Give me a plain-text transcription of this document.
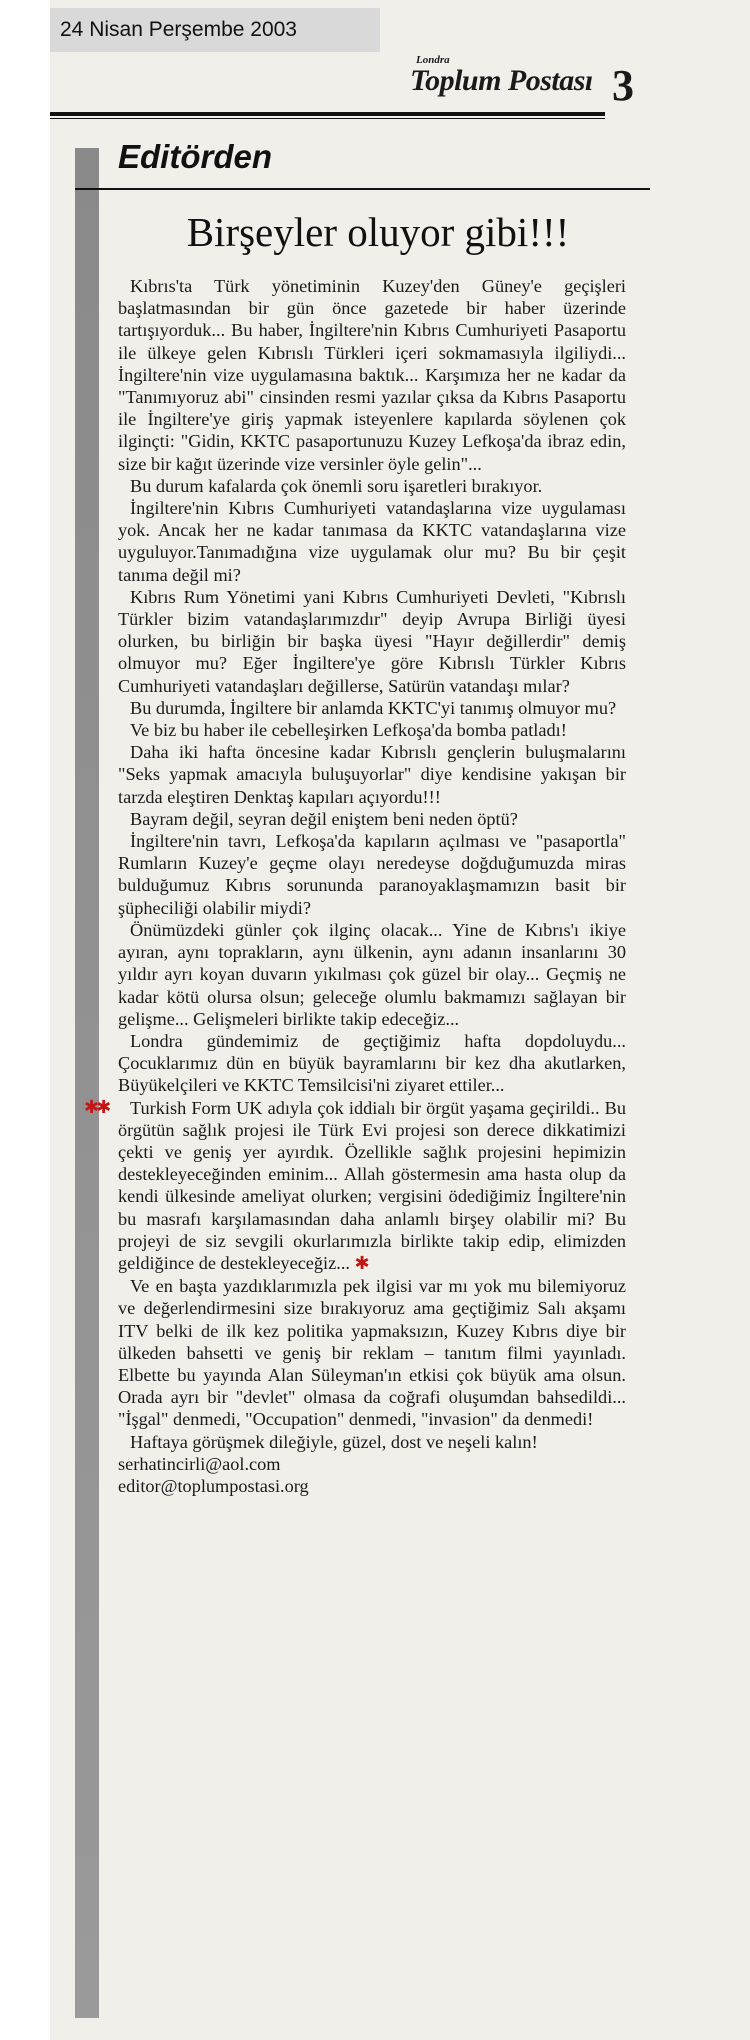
24 Nisan Perşembe 2003
Londra
Toplum Postası 3
Editörden
Birşeyler oluyor gibi!!!

Kıbrıs'ta Türk yönetiminin Kuzey'den Güney'e geçişleri başlatmasından bir gün önce gazetede bir haber üzerinde tartışıyorduk... Bu haber, İngiltere'nin Kıbrıs Cumhuriyeti Pasaportu ile ülkeye gelen Kıbrıslı Türkleri içeri sokmamasıyla ilgiliydi... İngiltere'nin vize uygulamasına baktık... Karşımıza her ne kadar da "Tanımıyoruz abi" cinsinden resmi yazılar çıksa da Kıbrıs Pasaportu ile İngiltere'ye giriş yapmak isteyenlere kapılarda söylenen çok ilginçti: "Gidin, KKTC pasaportunuzu Kuzey Lefkoşa'da ibraz edin, size bir kağıt üzerinde vize versinler öyle gelin"...

Bu durum kafalarda çok önemli soru işaretleri bırakıyor.

İngiltere'nin Kıbrıs Cumhuriyeti vatandaşlarına vize uygulaması yok. Ancak her ne kadar tanımasa da KKTC vatandaşlarına vize uyguluyor.Tanımadığına vize uygulamak olur mu? Bu bir çeşit tanıma değil mi?

Kıbrıs Rum Yönetimi yani Kıbrıs Cumhuriyeti Devleti, "Kıbrıslı Türkler bizim vatandaşlarımızdır" deyip Avrupa Birliği üyesi olurken, bu birliğin bir başka üyesi "Hayır değillerdir" demiş olmuyor mu? Eğer İngiltere'ye göre Kıbrıslı Türkler Kıbrıs Cumhuriyeti vatandaşları değillerse, Satürün vatandaşı mılar?

Bu durumda, İngiltere bir anlamda KKTC'yi tanımış olmuyor mu?

Ve biz bu haber ile cebelleşirken Lefkoşa'da bomba patladı!

Daha iki hafta öncesine kadar Kıbrıslı gençlerin buluşmalarını "Seks yapmak amacıyla buluşuyorlar" diye kendisine yakışan bir tarzda eleştiren Denktaş kapıları açıyordu!!!

Bayram değil, seyran değil eniştem beni neden öptü?

İngiltere'nin tavrı, Lefkoşa'da kapıların açılması ve "pasaportla" Rumların Kuzey'e geçme olayı neredeyse doğduğumuzda miras bulduğumuz Kıbrıs sorununda paranoyaklaşmamızın basit bir şüpheciliği olabilir miydi?

Önümüzdeki günler çok ilginç olacak... Yine de Kıbrıs'ı ikiye ayıran, aynı toprakların, aynı ülkenin, aynı adanın insanlarını 30 yıldır ayrı koyan duvarın yıkılması çok güzel bir olay... Geçmiş ne kadar kötü olursa olsun; geleceğe olumlu bakmamızı sağlayan bir gelişme... Gelişmeleri birlikte takip edeceğiz...

Londra gündemimiz de geçtiğimiz hafta dopdoluydu... Çocuklarımız dün en büyük bayramlarını bir kez dha akutlarken, Büyükelçileri ve KKTC Temsilcisi'ni ziyaret ettiler...

✱✱ Turkish Form UK adıyla çok iddialı bir örgüt yaşama geçirildi.. Bu örgütün sağlık projesi ile Türk Evi projesi son derece dikkatimizi çekti ve geniş yer ayırdık. Özellikle sağlık projesini hepimizin destekleyeceğinden eminim... Allah göstermesin ama hasta olup da kendi ülkesinde ameliyat olurken; vergisini ödediğimiz İngiltere'nin bu masrafı karşılamasından daha anlamlı birşey olabilir mi? Bu projeyi de siz sevgili okurlarımızla birlikte takip edip, elimizden geldiğince de destekleyeceğiz... ✱

Ve en başta yazdıklarımızla pek ilgisi var mı yok mu bilemiyoruz ve değerlendirmesini size bırakıyoruz ama geçtiğimiz Salı akşamı ITV belki de ilk kez politika yapmaksızın, Kuzey Kıbrıs diye bir ülkeden bahsetti ve geniş bir reklam – tanıtım filmi yayınladı. Elbette bu yayında Alan Süleyman'ın etkisi çok büyük ama olsun. Orada ayrı bir "devlet" olmasa da coğrafi oluşumdan bahsedildi... "İşgal" denmedi, "Occupation" denmedi, "invasion" da denmedi!

Haftaya görüşmek dileğiyle, güzel, dost ve neşeli kalın!

serhatincirli@aol.com
editor@toplumpostasi.org
